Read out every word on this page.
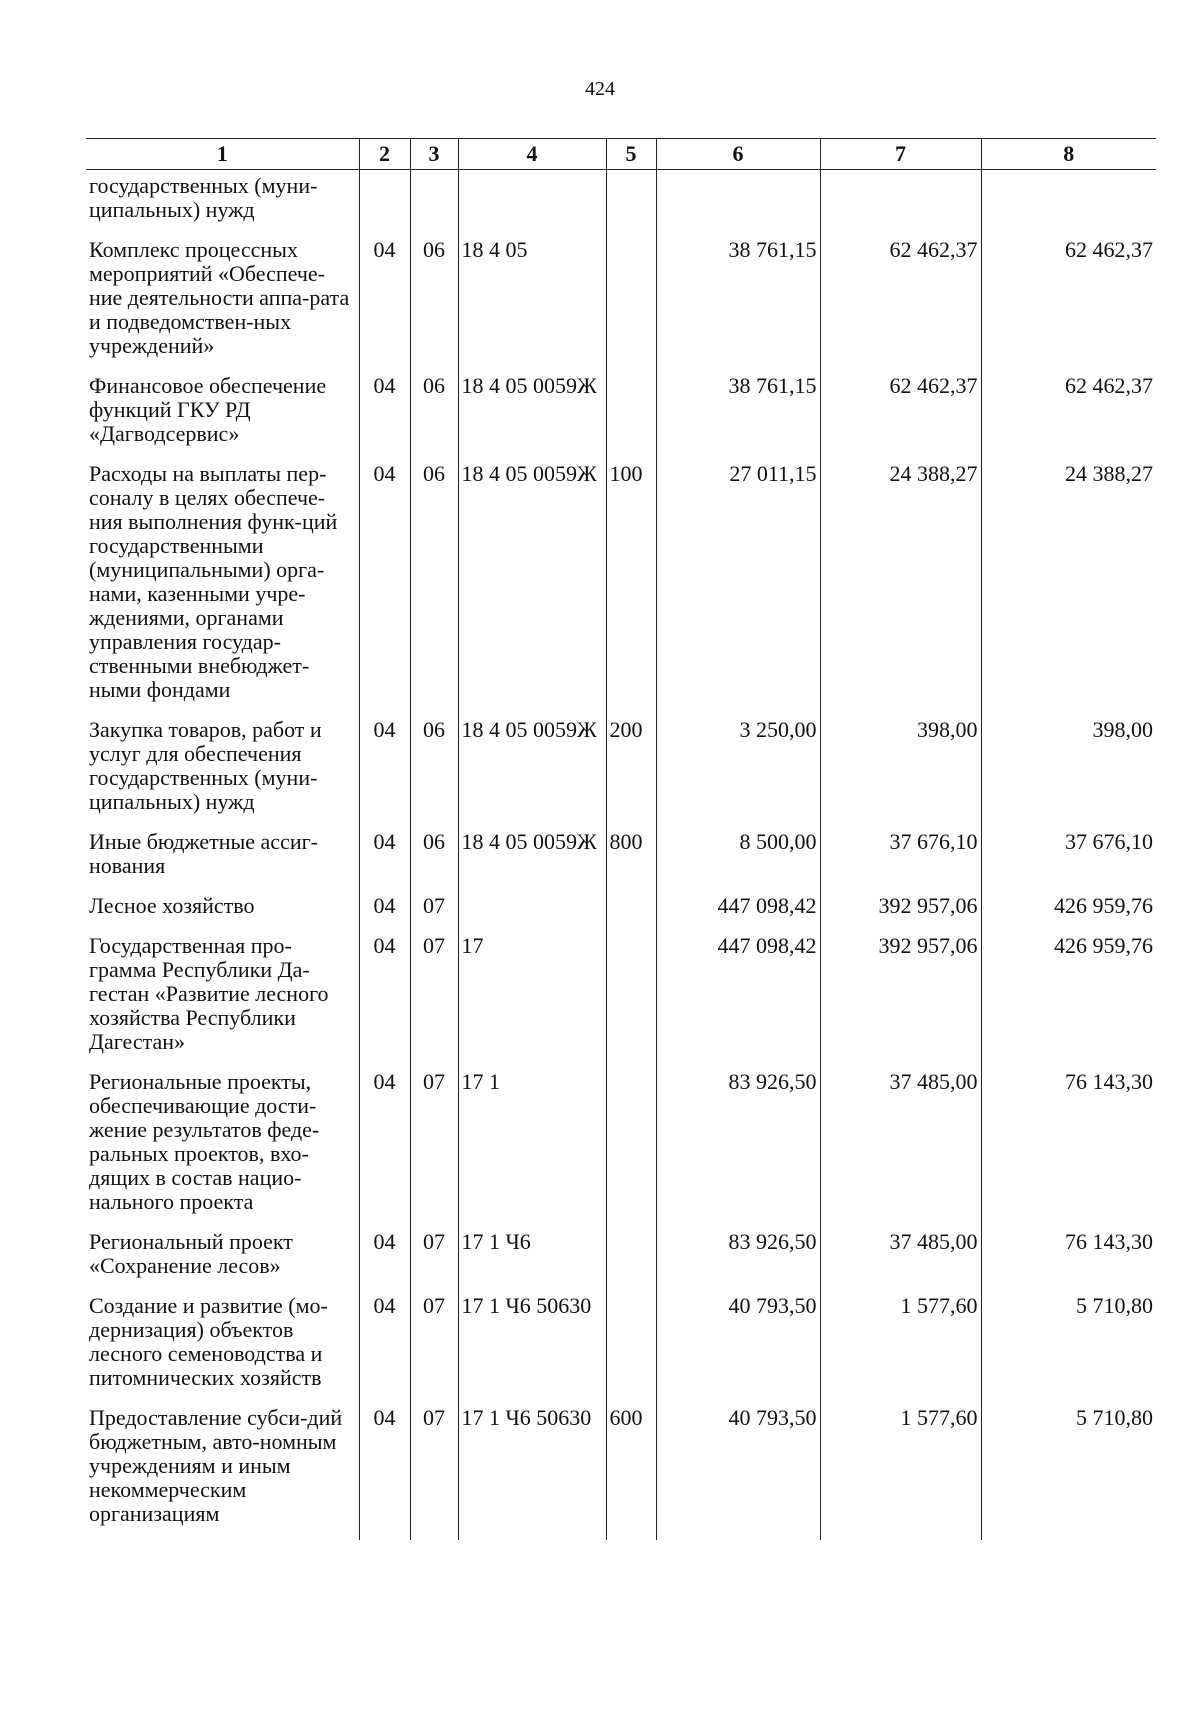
424
1	2	3	4	5	6	7	8
государственных (муни-ципальных) нужд							
Комплекс процессных мероприятий «Обеспече-ние деятельности аппа-рата и подведомствен-ных учреждений»	04	06	18 4 05		38 761,15	62 462,37	62 462,37
Финансовое обеспечение функций ГКУ РД «Дагводсервис»	04	06	18 4 05 0059Ж		38 761,15	62 462,37	62 462,37
Расходы на выплаты пер-соналу в целях обеспече-ния выполнения функ-ций государственными (муниципальными) орга-нами, казенными учре-ждениями, органами управления государ-ственными внебюджет-ными фондами	04	06	18 4 05 0059Ж	100	27 011,15	24 388,27	24 388,27
Закупка товаров, работ и услуг для обеспечения государственных (муни-ципальных) нужд	04	06	18 4 05 0059Ж	200	3 250,00	398,00	398,00
Иные бюджетные ассиг-нования	04	06	18 4 05 0059Ж	800	8 500,00	37 676,10	37 676,10
Лесное хозяйство	04	07			447 098,42	392 957,06	426 959,76
Государственная про-грамма Республики Да-гестан «Развитие лесного хозяйства Республики Дагестан»	04	07	17		447 098,42	392 957,06	426 959,76
Региональные проекты, обеспечивающие дости-жение результатов феде-ральных проектов, вхо-дящих в состав нацио-нального проекта	04	07	17 1		83 926,50	37 485,00	76 143,30
Региональный проект «Сохранение лесов»	04	07	17 1 Ч6		83 926,50	37 485,00	76 143,30
Создание и развитие (мо-дернизация) объектов лесного семеноводства и питомнических хозяйств	04	07	17 1 Ч6 50630		40 793,50	1 577,60	5 710,80
Предоставление субси-дий бюджетным, авто-номным учреждениям и иным некоммерческим организациям	04	07	17 1 Ч6 50630	600	40 793,50	1 577,60	5 710,80
